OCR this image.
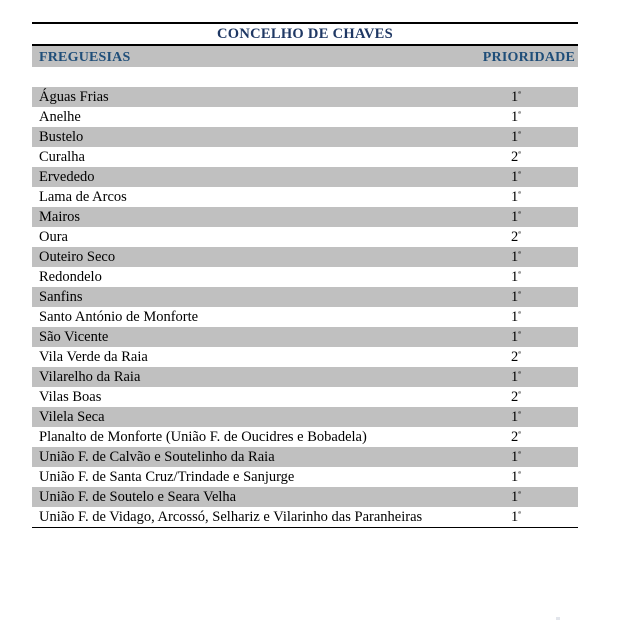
CONCELHO DE CHAVES
FREGUESIAS	PRIORIDADE
Águas Frias	$1^ª$
Anelhe	$1^ª$
Bustelo	$1^ª$
Curalha	$2^ª$
Ervededo	$1^ª$
Lama de Arcos	$1^ª$
Mairos	$1^ª$
Oura	$2^ª$
Outeiro Seco	$1^ª$
Redondelo	$1^ª$
Sanfins	$1^ª$
Santo António de Monforte	$1^ª$
São Vicente	$1^ª$
Vila Verde da Raia	$2^ª$
Vilarelho da Raia	$1^ª$
Vilas Boas	$2^ª$
Vilela Seca	$1^ª$
Planalto de Monforte (União F. de Oucidres e Bobadela)	$2^ª$
União F. de Calvão e Soutelinho da Raia	$1^ª$
União F. de Santa Cruz/Trindade e Sanjurge	$1^ª$
União F. de Soutelo e Seara Velha	$1^ª$
União F. de Vidago, Arcossó, Selhariz e Vilarinho das Paranheiras	$1^ª$
